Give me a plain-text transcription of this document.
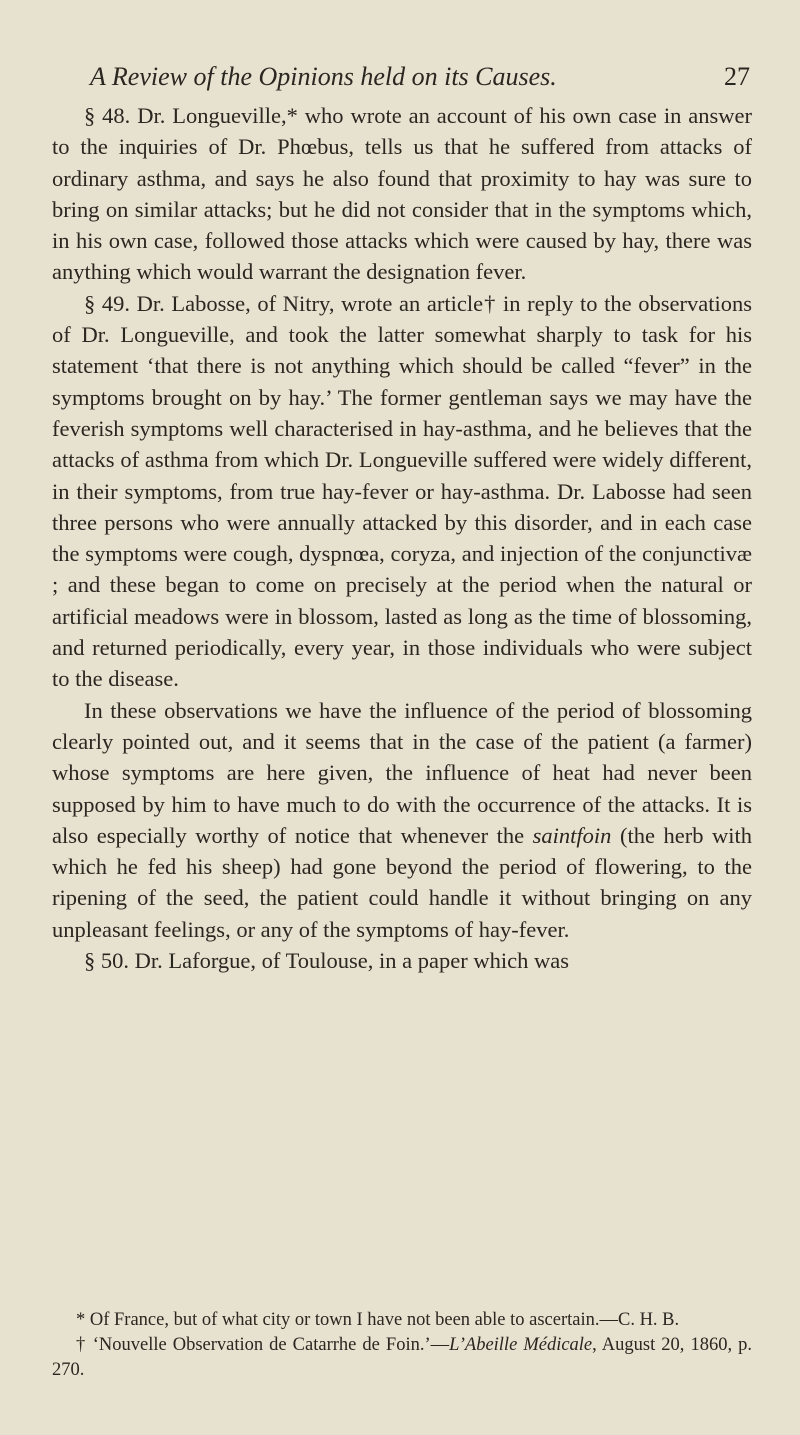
A Review of the Opinions held on its Causes.	27

§ 48. Dr. Longueville,* who wrote an account of his own case in answer to the inquiries of Dr. Phœbus, tells us that he suffered from attacks of ordinary asthma, and says he also found that proximity to hay was sure to bring on similar attacks; but he did not consider that in the symptoms which, in his own case, followed those attacks which were caused by hay, there was anything which would warrant the designation fever.

§ 49. Dr. Labosse, of Nitry, wrote an article† in reply to the observations of Dr. Longueville, and took the latter somewhat sharply to task for his statement ‘that there is not anything which should be called “fever” in the symptoms brought on by hay.’ The former gentleman says we may have the feverish symptoms well characterised in hay-asthma, and he believes that the attacks of asthma from which Dr. Longueville suffered were widely different, in their symptoms, from true hay-fever or hay-asthma. Dr. Labosse had seen three persons who were annually attacked by this disorder, and in each case the symptoms were cough, dyspnœa, coryza, and injection of the conjunctivæ ; and these began to come on precisely at the period when the natural or artificial meadows were in blossom, lasted as long as the time of blossoming, and returned periodically, every year, in those individuals who were subject to the disease.

In these observations we have the influence of the period of blossoming clearly pointed out, and it seems that in the case of the patient (a farmer) whose symptoms are here given, the influence of heat had never been supposed by him to have much to do with the occurrence of the attacks. It is also especially worthy of notice that whenever the saintfoin (the herb with which he fed his sheep) had gone beyond the period of flowering, to the ripening of the seed, the patient could handle it without bringing on any unpleasant feelings, or any of the symptoms of hay-fever.

§ 50. Dr. Laforgue, of Toulouse, in a paper which was

* Of France, but of what city or town I have not been able to ascertain.—C. H. B.

† ‘Nouvelle Observation de Catarrhe de Foin.’—L’Abeille Médicale, August 20, 1860, p. 270.
